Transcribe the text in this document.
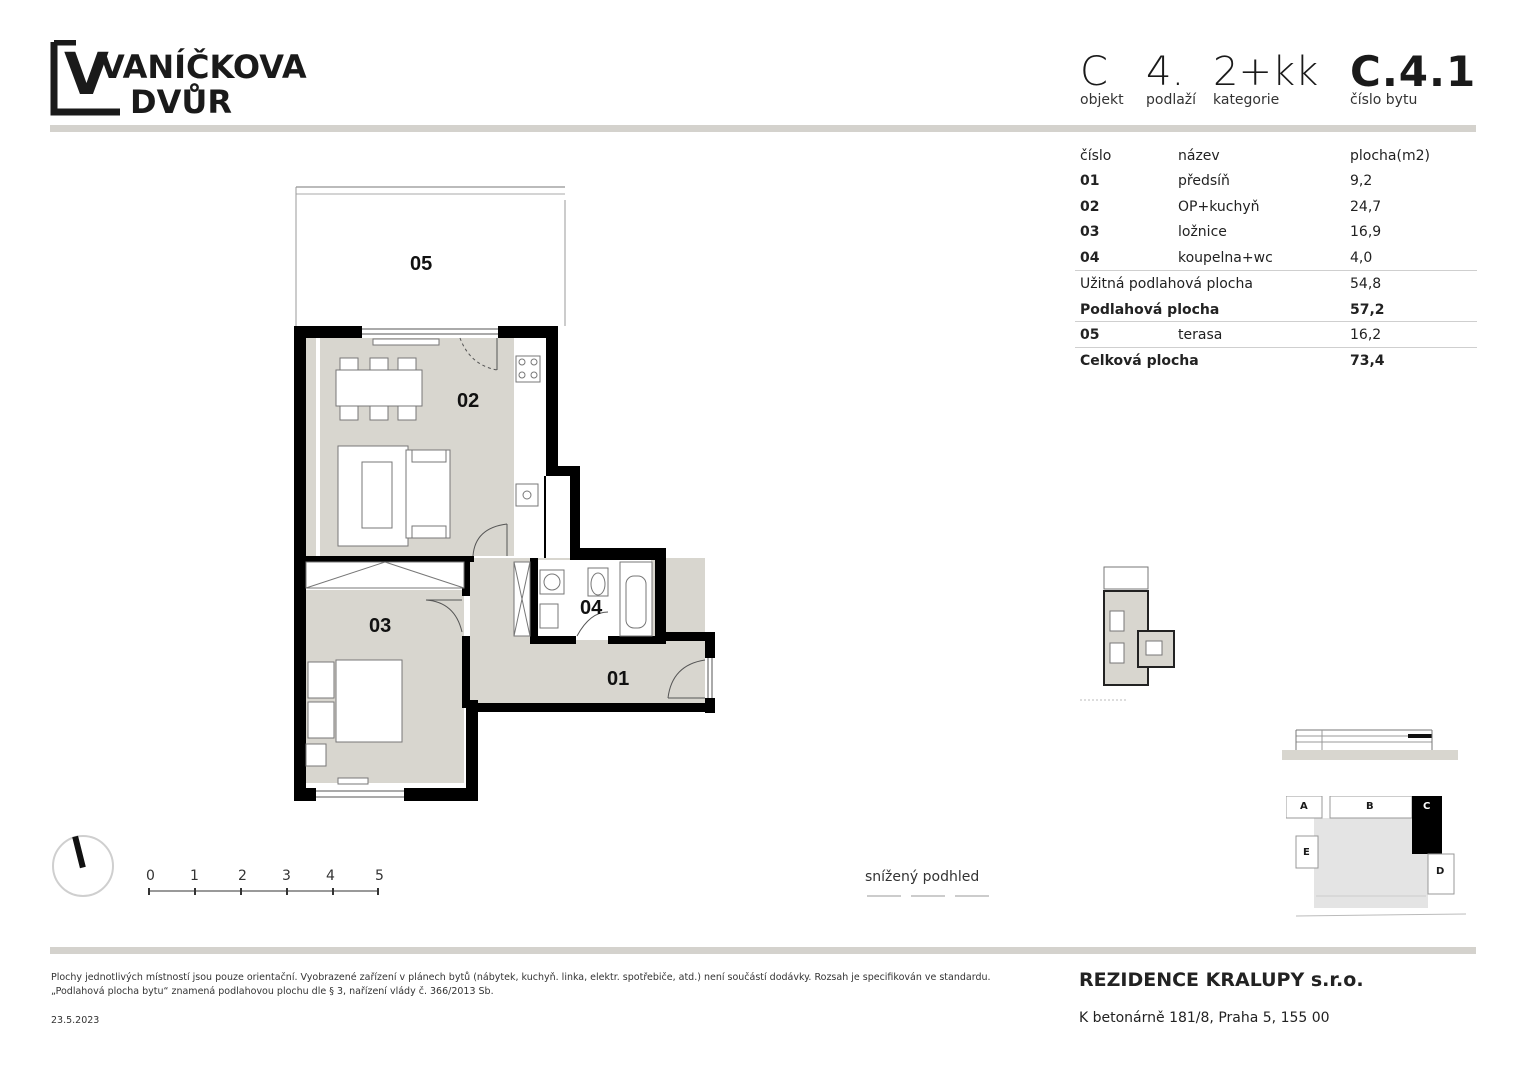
V
VANÍČKOVA
DVŮR
C
objekt
4.
podlaží
2+kk
kategorie
C.4.1
číslo bytu
číslo	název	plocha(m2)
01	předsíň	9,2
02	OP+kuchyň	24,7
03	ložnice	16,9
04	koupelna+wc	4,0
Užitná podlahová plocha	54,8
Podlahová plocha	57,2
05	terasa	16,2
Celková plocha	73,4
05
02
03
04
01
0	1	2	3	4	5	snížený podhled
A	B	C
E
D
Plochy jednotlivých místností jsou pouze orientační. Vyobrazené zařízení v plánech bytů (nábytek, kuchyň. linka, elektr. spotřebiče, atd.) není součástí dodávky. Rozsah je specifikován ve standardu.
„Podlahová plocha bytu“ znamená podlahovou plochu dle § 3, nařízení vlády č. 366/2013 Sb.
23.5.2023
REZIDENCE KRALUPY s.r.o.
K betonárně 181/8, Praha 5, 155 00
